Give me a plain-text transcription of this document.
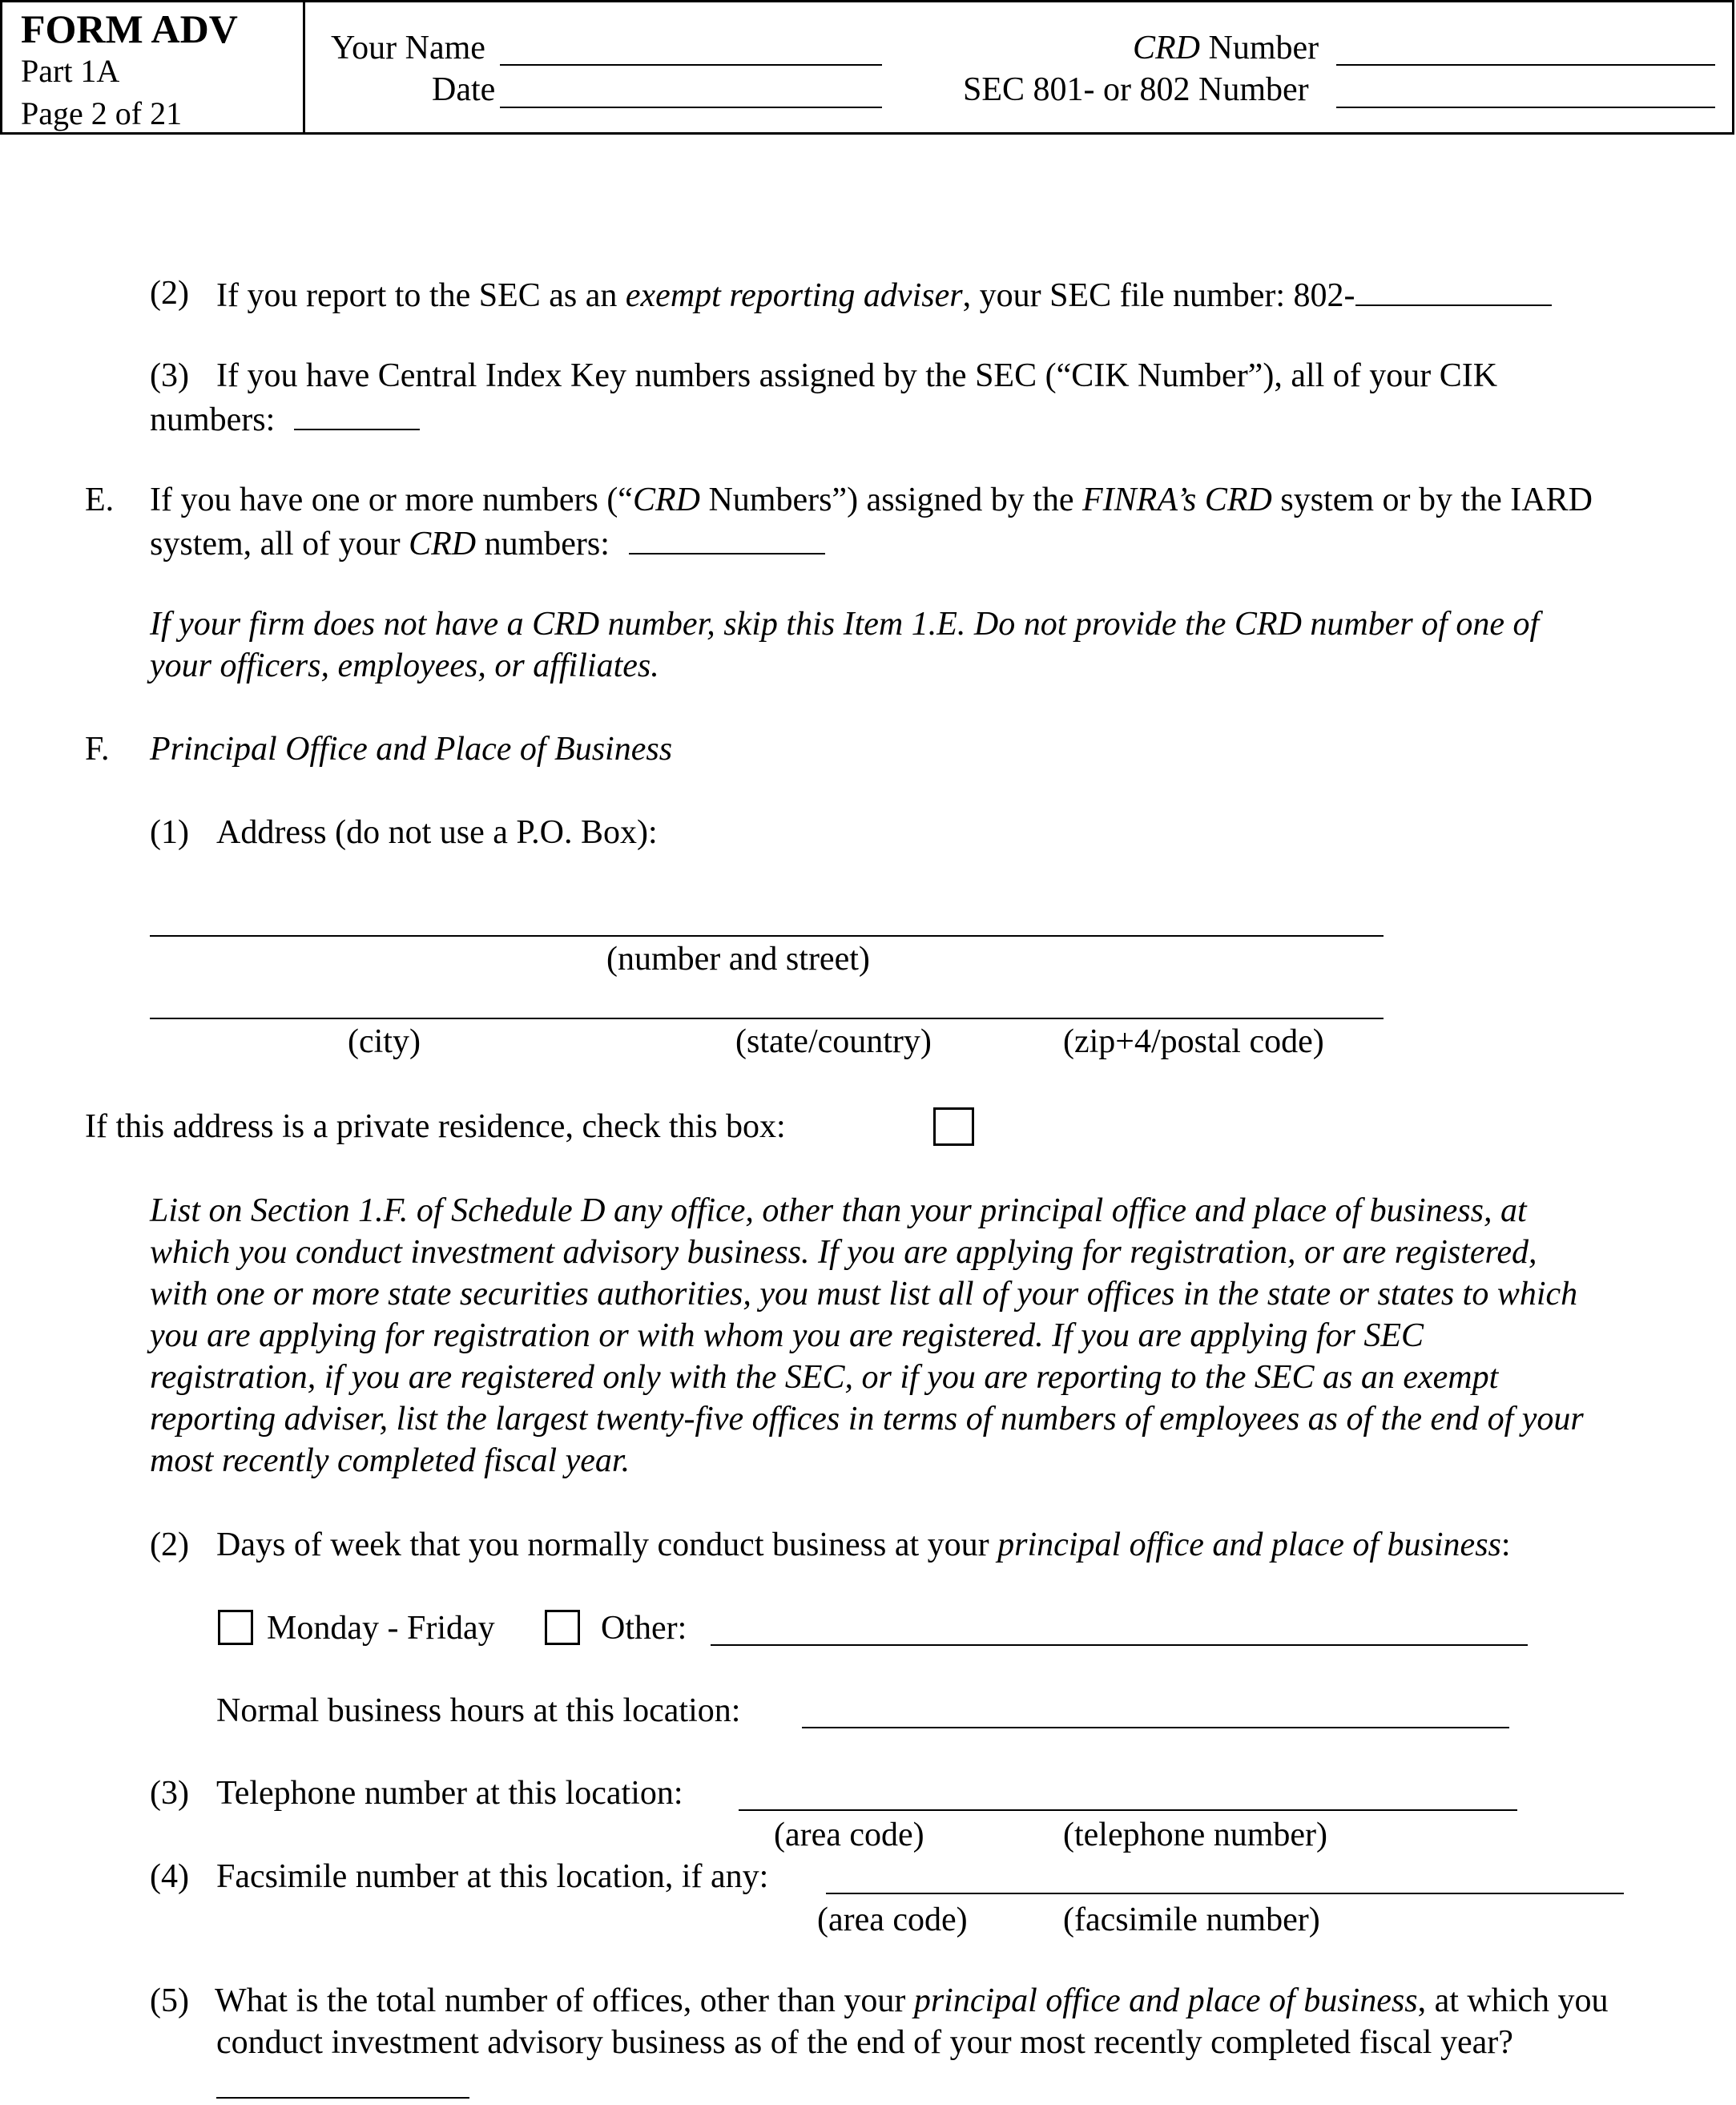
FORM ADV
Part 1A
Page 2 of 21
Your Name
Date
CRD Number
SEC 801- or 802 Number
(2) If you report to the SEC as an exempt reporting adviser, your SEC file number: 802-
(3) If you have Central Index Key numbers assigned by the SEC (“CIK Number”), all of your CIK
numbers:
E. If you have one or more numbers (“CRD Numbers”) assigned by the FINRA’s CRD system or by the IARD
system, all of your CRD numbers:
If your firm does not have a CRD number, skip this Item 1.E. Do not provide the CRD number of one of
your officers, employees, or affiliates.
F. Principal Office and Place of Business
(1) Address (do not use a P.O. Box):
(number and street)
(city)	(state/country)	(zip+4/postal code)
If this address is a private residence, check this box:
List on Section 1.F. of Schedule D any office, other than your principal office and place of business, at
which you conduct investment advisory business. If you are applying for registration, or are registered,
with one or more state securities authorities, you must list all of your offices in the state or states to which
you are applying for registration or with whom you are registered. If you are applying for SEC
registration, if you are registered only with the SEC, or if you are reporting to the SEC as an exempt
reporting adviser, list the largest twenty-five offices in terms of numbers of employees as of the end of your
most recently completed fiscal year.
(2) Days of week that you normally conduct business at your principal office and place of business:
Monday - Friday	Other:
Normal business hours at this location:
(3) Telephone number at this location:
(area code)	(telephone number)
(4) Facsimile number at this location, if any:
(area code)	(facsimile number)
(5) What is the total number of offices, other than your principal office and place of business, at which you
conduct investment advisory business as of the end of your most recently completed fiscal year?
